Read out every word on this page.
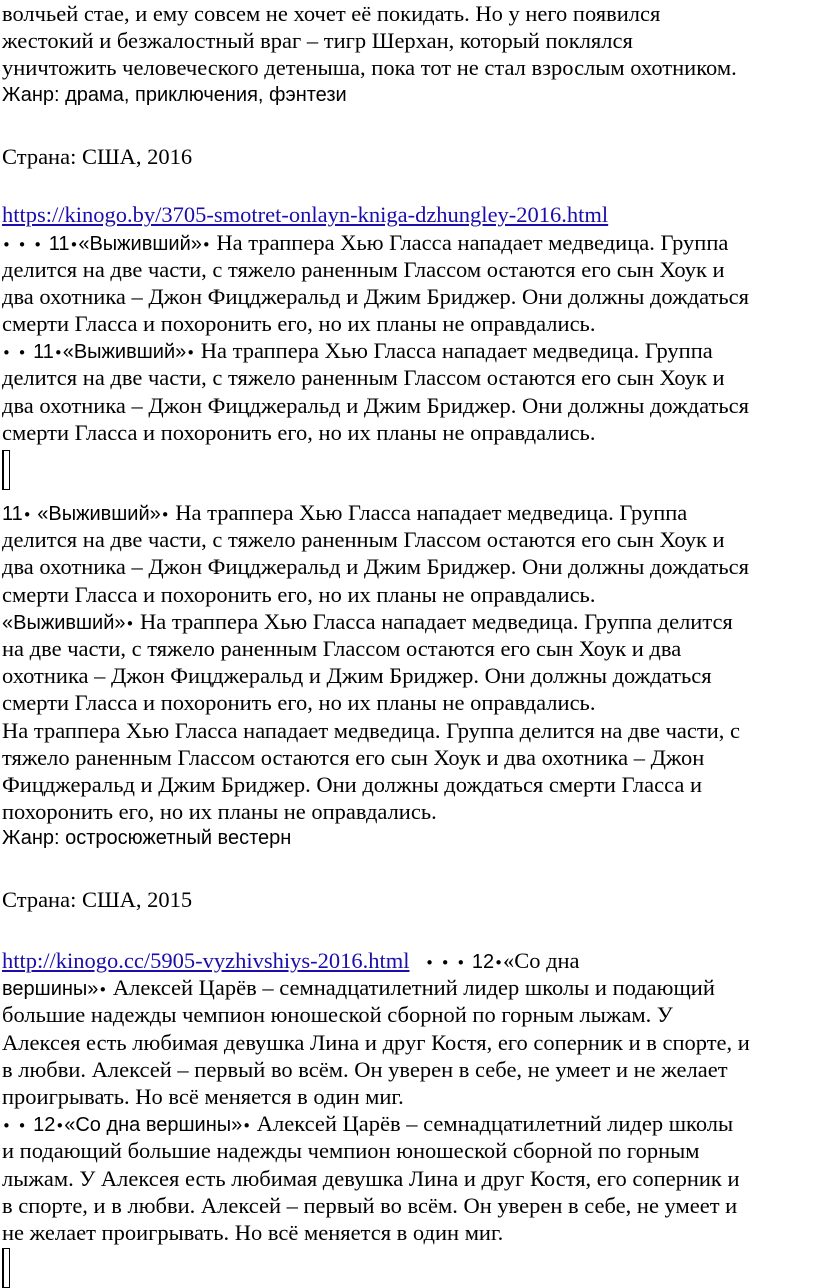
волчьей стае, и ему совсем не хочет её покидать. Но у него появился
жестокий и безжалостный враг – тигр Шерхан, который поклялся
уничтожить человеческого детеныша, пока тот не стал взрослым охотником.
Жанр: драма, приключения, фэнтези
Страна: США, 2016
https://kinogo.by/3705-smotret-onlayn-kniga-dzhungley-2016.html
• • • 11•«Выживший»• На траппера Хью Гласса нападает медведица. Группа
делится на две части, с тяжело раненным Глассом остаются его сын Хоук и
два охотника – Джон Фицджеральд и Джим Бриджер. Они должны дождаться
смерти Гласса и похоронить его, но их планы не оправдались.
• • 11•«Выживший»• На траппера Хью Гласса нападает медведица. Группа
делится на две части, с тяжело раненным Глассом остаются его сын Хоук и
два охотника – Джон Фицджеральд и Джим Бриджер. Они должны дождаться
смерти Гласса и похоронить его, но их планы не оправдались.
11• «Выживший»• На траппера Хью Гласса нападает медведица. Группа
делится на две части, с тяжело раненным Глассом остаются его сын Хоук и
два охотника – Джон Фицджеральд и Джим Бриджер. Они должны дождаться
смерти Гласса и похоронить его, но их планы не оправдались.
«Выживший»• На траппера Хью Гласса нападает медведица. Группа делится
на две части, с тяжело раненным Глассом остаются его сын Хоук и два
охотника – Джон Фицджеральд и Джим Бриджер. Они должны дождаться
смерти Гласса и похоронить его, но их планы не оправдались.
На траппера Хью Гласса нападает медведица. Группа делится на две части, с
тяжело раненным Глассом остаются его сын Хоук и два охотника – Джон
Фицджеральд и Джим Бриджер. Они должны дождаться смерти Гласса и
похоронить его, но их планы не оправдались.
Жанр: остросюжетный вестерн
Страна: США, 2015
http://kinogo.cc/5905-vyzhivshiys-2016.html • • • 12•«Со дна
вершины»• Алексей Царёв – семнадцатилетний лидер школы и подающий
большие надежды чемпион юношеской сборной по горным лыжам. У
Алексея есть любимая девушка Лина и друг Костя, его соперник и в спорте, и
в любви. Алексей – первый во всём. Он уверен в себе, не умеет и не желает
проигрывать. Но всё меняется в один миг.
• • 12•«Со дна вершины»• Алексей Царёв – семнадцатилетний лидер школы
и подающий большие надежды чемпион юношеской сборной по горным
лыжам. У Алексея есть любимая девушка Лина и друг Костя, его соперник и
в спорте, и в любви. Алексей – первый во всём. Он уверен в себе, не умеет и
не желает проигрывать. Но всё меняется в один миг.
